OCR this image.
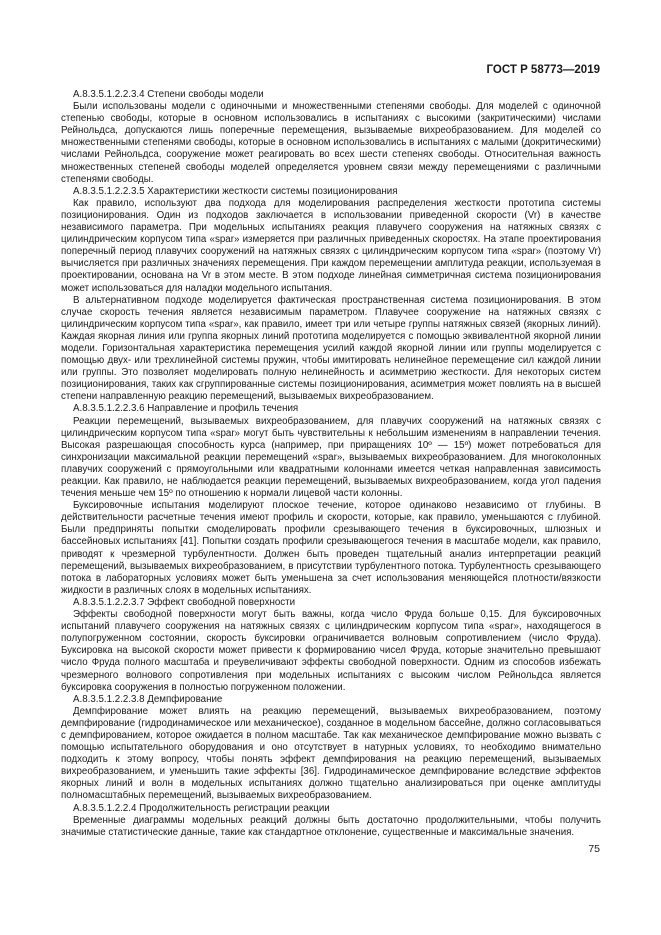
ГОСТ Р 58773—2019

А.8.3.5.1.2.2.3.4 Степени свободы модели

Были использованы модели с одиночными и множественными степенями свободы. Для моделей с одиночной степенью свободы, которые в основном использовались в испытаниях с высокими (закритическими) числами Рейнольдса, допускаются лишь поперечные перемещения, вызываемые вихреобразованием. Для моделей со множественными степенями свободы, которые в основном использовались в испытаниях с малыми (докритическими) числами Рейнольдса, сооружение может реагировать во всех шести степенях свободы. Относительная важность множественных степеней свободы моделей определяется уровнем связи между перемещениями с различными степенями свободы.

А.8.3.5.1.2.2.3.5 Характеристики жесткости системы позиционирования

Как правило, используют два подхода для моделирования распределения жесткости прототипа системы позиционирования. Один из подходов заключается в использовании приведенной скорости (Vr) в качестве независимого параметра. При модельных испытаниях реакция плавучего сооружения на натяжных связях с цилиндрическим корпусом типа «spar» измеряется при различных приведенных скоростях. На этапе проектирования поперечный период плавучих сооружений на натяжных связях с цилиндрическим корпусом типа «spar» (поэтому Vr) вычисляется при различных значениях перемещения. При каждом перемещении амплитуда реакции, используемая в проектировании, основана на Vr в этом месте. В этом подходе линейная симметричная система позиционирования может использоваться для наладки модельного испытания.

В альтернативном подходе моделируется фактическая пространственная система позиционирования. В этом случае скорость течения является независимым параметром. Плавучее сооружение на натяжных связях с цилиндрическим корпусом типа «spar», как правило, имеет три или четыре группы натяжных связей (якорных линий). Каждая якорная линия или группа якорных линий прототипа моделируется с помощью эквивалентной якорной линии модели. Горизонтальная характеристика перемещения усилий каждой якорной линии или группы моделируется с помощью двух- или трехлинейной системы пружин, чтобы имитировать нелинейное перемещение сил каждой линии или группы. Это позволяет моделировать полную нелинейность и асимметрию жесткости. Для некоторых систем позиционирования, таких как сгруппированные системы позиционирования, асимметрия может повлиять на в высшей степени направленную реакцию перемещений, вызываемых вихреобразованием.

А.8.3.5.1.2.2.3.6 Направление и профиль течения

Реакции перемещений, вызываемых вихреобразованием, для плавучих сооружений на натяжных связях с цилиндрическим корпусом типа «spar» могут быть чувствительны к небольшим изменениям в направлении течения. Высокая разрешающая способность курса (например, при приращениях 10º — 15º) может потребоваться для синхронизации максимальной реакции перемещений «spar», вызываемых вихреобразованием. Для многоколонных плавучих сооружений с прямоугольными или квадратными колоннами имеется четкая направленная зависимость реакции. Как правило, не наблюдается реакции перемещений, вызываемых вихреобразованием, когда угол падения течения меньше чем 15º по отношению к нормали лицевой части колонны.

Буксировочные испытания моделируют плоское течение, которое одинаково независимо от глубины. В действительности расчетные течения имеют профиль и скорости, которые, как правило, уменьшаются с глубиной. Были предприняты попытки смоделировать профили срезывающего течения в буксировочных, шлюзных и бассейновых испытаниях [41]. Попытки создать профили срезывающегося течения в масштабе модели, как правило, приводят к чрезмерной турбулентности. Должен быть проведен тщательный анализ интерпретации реакций перемещений, вызываемых вихреобразованием, в присутствии турбулентного потока. Турбулентность срезывающего потока в лабораторных условиях может быть уменьшена за счет использования меняющейся плотности/вязкости жидкости в различных слоях в модельных испытаниях.

А.8.3.5.1.2.2.3.7 Эффект свободной поверхности

Эффекты свободной поверхности могут быть важны, когда число Фруда больше 0,15. Для буксировочных испытаний плавучего сооружения на натяжных связях с цилиндрическим корпусом типа «spar», находящегося в полупогруженном состоянии, скорость буксировки ограничивается волновым сопротивлением (число Фруда). Буксировка на высокой скорости может привести к формированию чисел Фруда, которые значительно превышают число Фруда полного масштаба и преувеличивают эффекты свободной поверхности. Одним из способов избежать чрезмерного волнового сопротивления при модельных испытаниях с высоким числом Рейнольдса является буксировка сооружения в полностью погруженном положении.

А.8.3.5.1.2.2.3.8 Демпфирование

Демпфирование может влиять на реакцию перемещений, вызываемых вихреобразованием, поэтому демпфирование (гидродинамическое или механическое), созданное в модельном бассейне, должно согласовываться с демпфированием, которое ожидается в полном масштабе. Так как механическое демпфирование можно вызвать с помощью испытательного оборудования и оно отсутствует в натурных условиях, то необходимо внимательно подходить к этому вопросу, чтобы понять эффект демпфирования на реакцию перемещений, вызываемых вихреобразованием, и уменьшить такие эффекты [36]. Гидродинамическое демпфирование вследствие эффектов якорных линий и волн в модельных испытаниях должно тщательно анализироваться при оценке амплитуды полномасштабных перемещений, вызываемых вихреобразованием.

А.8.3.5.1.2.2.4 Продолжительность регистрации реакции

Временные диаграммы модельных реакций должны быть достаточно продолжительными, чтобы получить значимые статистические данные, такие как стандартное отклонение, существенные и максимальные значения.

75
